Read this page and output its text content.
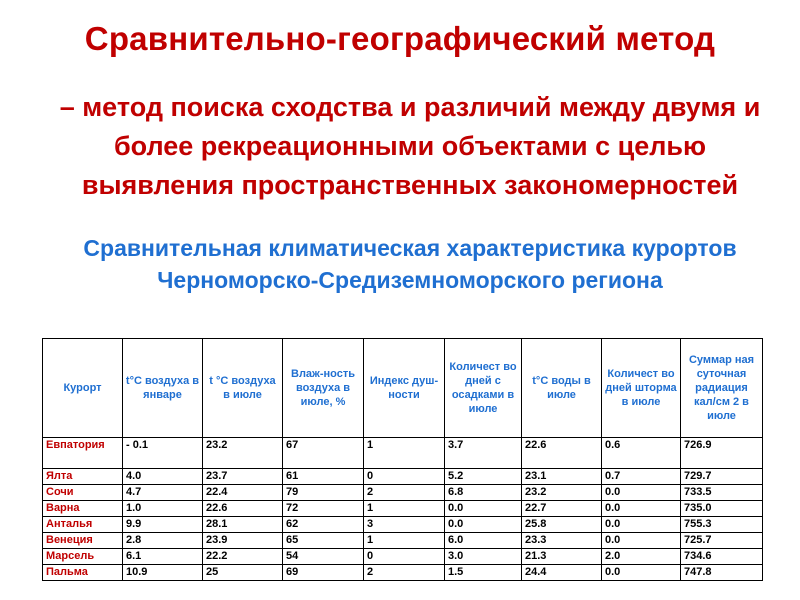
Сравнительно-географический метод
– метод поиска сходства и различий между двумя и более рекреационными объектами с целью выявления пространственных закономерностей
Сравнительная климатическая характеристика курортов Черноморско-Средиземноморского региона
Курорт	t°С воздуха в январе	t °С воздуха в июле	Влаж-ность воздуха в июле, %	Индекс душ-ности	Количест во дней с осадками в июле	t°С воды в июле	Количест во дней шторма в июле	Суммар ная суточная радиация кал/см 2 в июле
Евпатория	- 0.1	23.2	67	1	3.7	22.6	0.6	726.9
Ялта	4.0	23.7	61	0	5.2	23.1	0.7	729.7
Сочи	4.7	22.4	79	2	6.8	23.2	0.0	733.5
Варна	1.0	22.6	72	1	0.0	22.7	0.0	735.0
Анталья	9.9	28.1	62	3	0.0	25.8	0.0	755.3
Венеция	2.8	23.9	65	1	6.0	23.3	0.0	725.7
Марсель	6.1	22.2	54	0	3.0	21.3	2.0	734.6
Пальма	10.9	25	69	2	1.5	24.4	0.0	747.8
